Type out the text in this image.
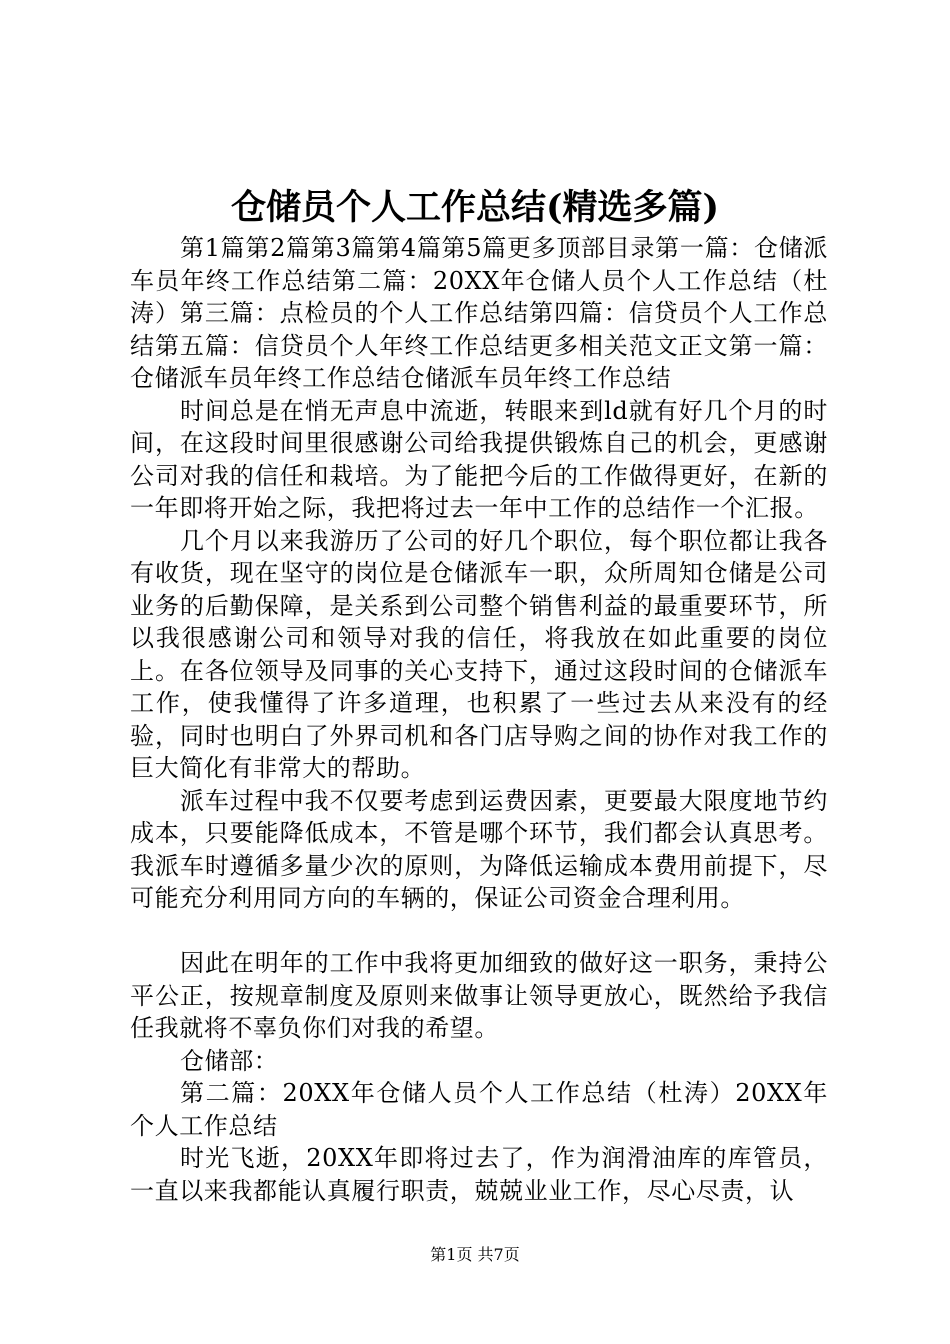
仓储员个人工作总结(精选多篇)

第1篇第2篇第3篇第4篇第5篇更多顶部目录第一篇：仓储派车员年终工作总结第二篇：20XX年仓储人员个人工作总结（杜涛）第三篇：点检员的个人工作总结第四篇：信贷员个人工作总结第五篇：信贷员个人年终工作总结更多相关范文正文第一篇：仓储派车员年终工作总结仓储派车员年终工作总结

时间总是在悄无声息中流逝，转眼来到ld就有好几个月的时间，在这段时间里很感谢公司给我提供锻炼自己的机会，更感谢公司对我的信任和栽培。为了能把今后的工作做得更好，在新的一年即将开始之际，我把将过去一年中工作的总结作一个汇报。

几个月以来我游历了公司的好几个职位，每个职位都让我各有收货，现在坚守的岗位是仓储派车一职，众所周知仓储是公司业务的后勤保障，是关系到公司整个销售利益的最重要环节，所以我很感谢公司和领导对我的信任，将我放在如此重要的岗位上。在各位领导及同事的关心支持下，通过这段时间的仓储派车工作，使我懂得了许多道理，也积累了一些过去从来没有的经验，同时也明白了外界司机和各门店导购之间的协作对我工作的巨大简化有非常大的帮助。

派车过程中我不仅要考虑到运费因素，更要最大限度地节约成本，只要能降低成本，不管是哪个环节，我们都会认真思考。我派车时遵循多量少次的原则，为降低运输成本费用前提下，尽可能充分利用同方向的车辆的，保证公司资金合理利用。

因此在明年的工作中我将更加细致的做好这一职务，秉持公平公正，按规章制度及原则来做事让领导更放心，既然给予我信任我就将不辜负你们对我的希望。

仓储部：

第二篇：20XX年仓储人员个人工作总结（杜涛）20XX年个人工作总结

时光飞逝，20XX年即将过去了，作为润滑油库的库管员，一直以来我都能认真履行职责，兢兢业业工作，尽心尽责，认

第1页 共7页
